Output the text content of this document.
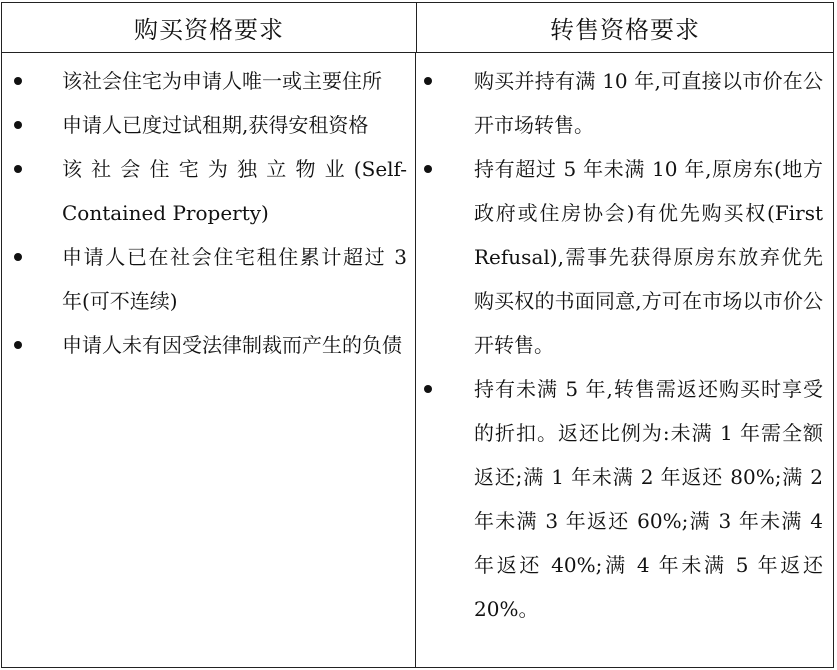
购买资格要求	转售资格要求
该社会住宅为申请人唯一或主要住所
申请人已度过试租期,获得安租资格
该社会住宅为独立物业(Self-Contained Property)
申请人已在社会住宅租住累计超过 3 年(可不连续)
申请人未有因受法律制裁而产生的负债
购买并持有满 10 年,可直接以市价在公开市场转售。
持有超过 5 年未满 10 年,原房东(地方政府或住房协会)有优先购买权(First Refusal),需事先获得原房东放弃优先购买权的书面同意,方可在市场以市价公开转售。
持有未满 5 年,转售需返还购买时享受的折扣。返还比例为:未满 1 年需全额返还;满 1 年未满 2 年返还 80%;满 2 年未满 3 年返还 60%;满 3 年未满 4 年返还 40%;满 4 年未满 5 年返还 20%。
